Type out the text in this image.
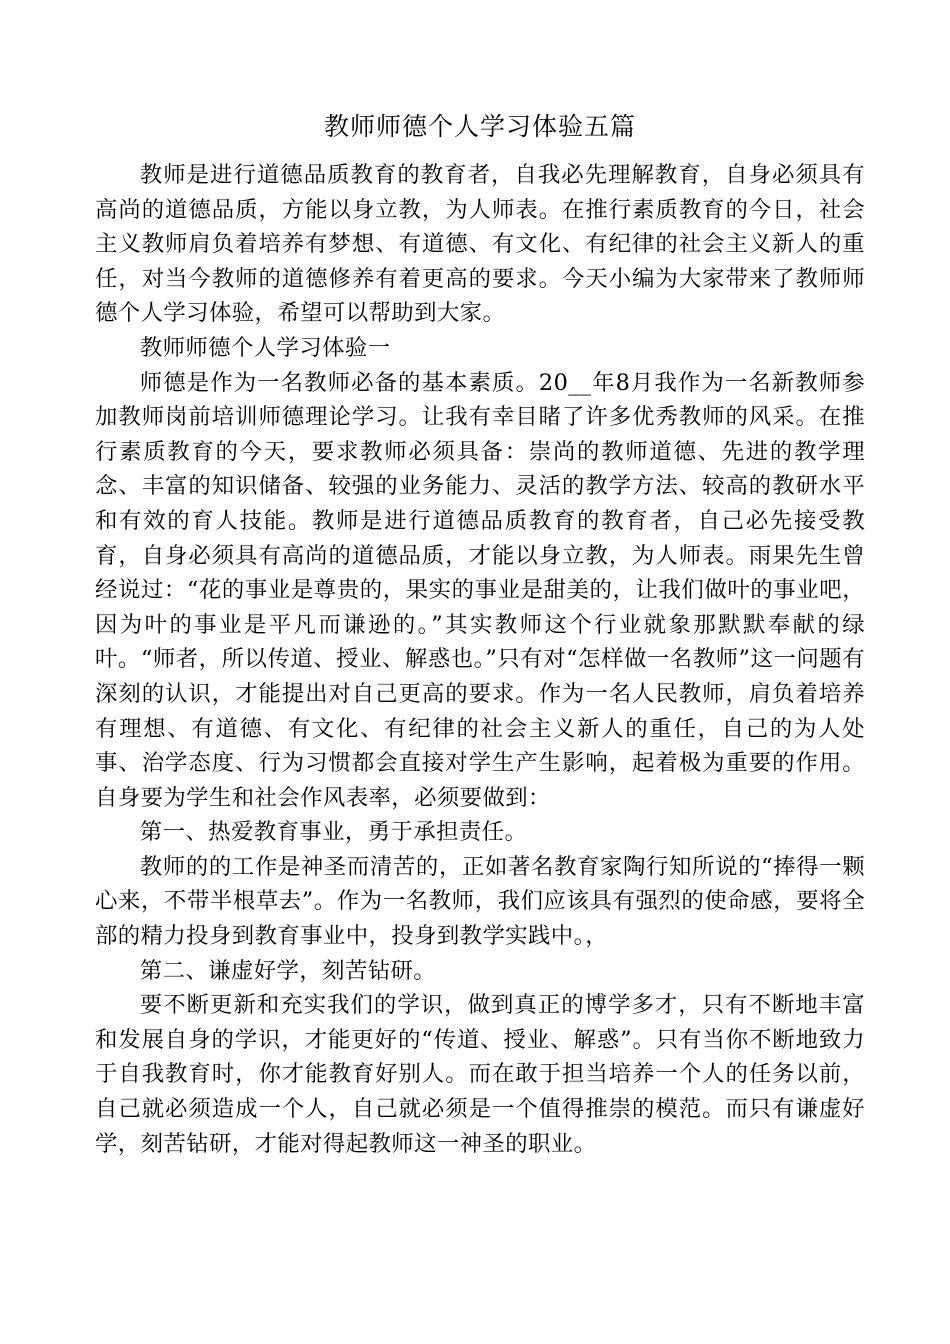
教师师德个人学习体验五篇

教师是进行道德品质教育的教育者，自我必先理解教育，自身必须具有高尚的道德品质，方能以身立教，为人师表。在推行素质教育的今日，社会主义教师肩负着培养有梦想、有道德、有文化、有纪律的社会主义新人的重任，对当今教师的道德修养有着更高的要求。今天小编为大家带来了教师师德个人学习体验，希望可以帮助到大家。

教师师德个人学习体验一

师德是作为一名教师必备的基本素质。20__年8月我作为一名新教师参加教师岗前培训师德理论学习。让我有幸目睹了许多优秀教师的风采。在推行素质教育的今天，要求教师必须具备：崇尚的教师道德、先进的教学理念、丰富的知识储备、较强的业务能力、灵活的教学方法、较高的教研水平和有效的育人技能。教师是进行道德品质教育的教育者，自己必先接受教育，自身必须具有高尚的道德品质，才能以身立教，为人师表。雨果先生曾经说过：“花的事业是尊贵的，果实的事业是甜美的，让我们做叶的事业吧，因为叶的事业是平凡而谦逊的。”其实教师这个行业就象那默默奉献的绿叶。“师者，所以传道、授业、解惑也。”只有对“怎样做一名教师”这一问题有深刻的认识，才能提出对自己更高的要求。作为一名人民教师，肩负着培养有理想、有道德、有文化、有纪律的社会主义新人的重任，自己的为人处事、治学态度、行为习惯都会直接对学生产生影响，起着极为重要的作用。自身要为学生和社会作风表率，必须要做到：

第一、热爱教育事业，勇于承担责任。

教师的的工作是神圣而清苦的，正如著名教育家陶行知所说的“捧得一颗心来，不带半根草去”。作为一名教师，我们应该具有强烈的使命感，要将全部的精力投身到教育事业中，投身到教学实践中。，

第二、谦虚好学，刻苦钻研。

要不断更新和充实我们的学识，做到真正的博学多才，只有不断地丰富和发展自身的学识，才能更好的“传道、授业、解惑”。只有当你不断地致力于自我教育时，你才能教育好别人。而在敢于担当培养一个人的任务以前，自己就必须造成一个人，自己就必须是一个值得推崇的模范。而只有谦虚好学，刻苦钻研，才能对得起教师这一神圣的职业。
